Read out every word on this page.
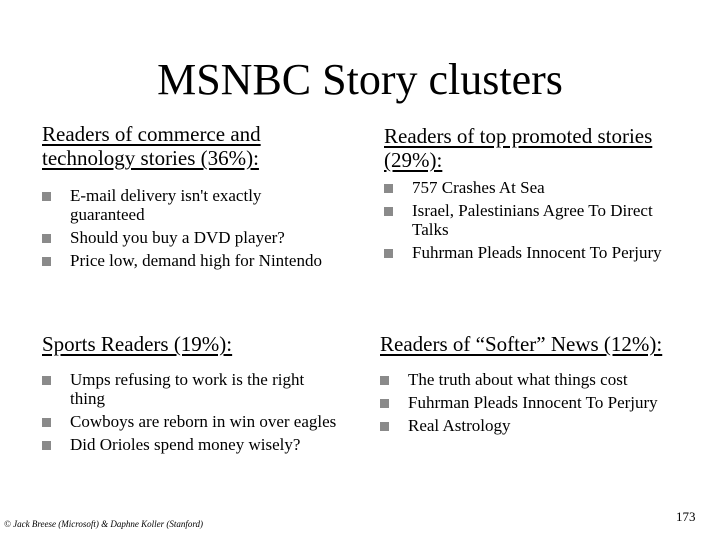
MSNBC Story clusters
Readers of commerce and technology stories (36%):
E-mail delivery isn't exactly guaranteed
Should you buy a DVD player?
Price low, demand high for Nintendo
Readers of top promoted stories (29%):
757 Crashes At Sea
Israel, Palestinians Agree To Direct Talks
Fuhrman Pleads Innocent To Perjury
Sports Readers (19%):
Umps refusing to work is the right thing
Cowboys are reborn in win over eagles
Did Orioles spend money wisely?
Readers of “Softer” News (12%):
The truth about what things cost
Fuhrman Pleads Innocent To Perjury
Real Astrology
© Jack Breese (Microsoft) & Daphne Koller (Stanford)	173
